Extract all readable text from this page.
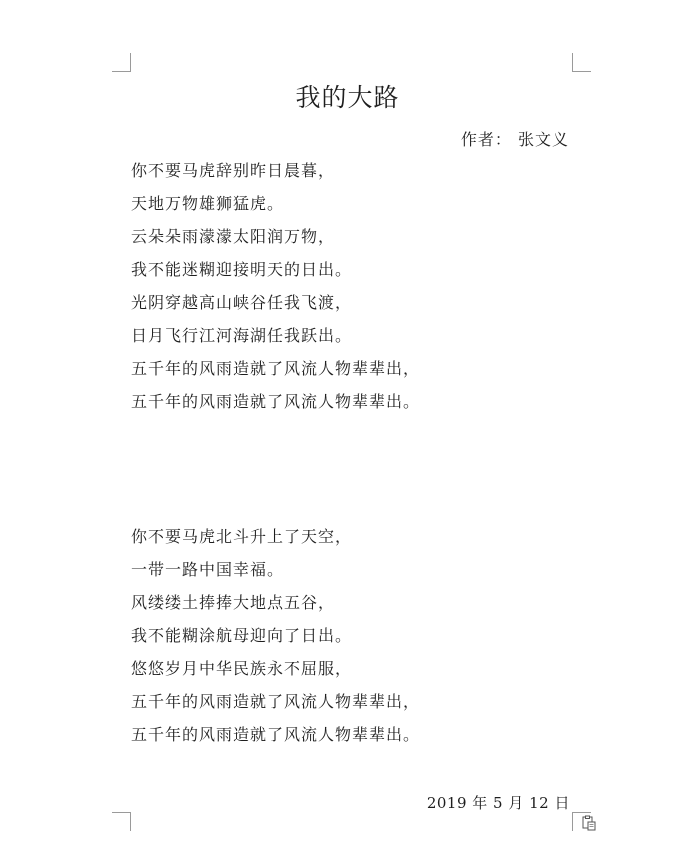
我的大路
作者： 张文义
你不要马虎辞别昨日晨暮，
天地万物雄狮猛虎。
云朵朵雨濛濛太阳润万物，
我不能迷糊迎接明天的日出。
光阴穿越高山峡谷任我飞渡，
日月飞行江河海湖任我跃出。
五千年的风雨造就了风流人物辈辈出，
五千年的风雨造就了风流人物辈辈出。
你不要马虎北斗升上了天空，
一带一路中国幸福。
风缕缕土捧捧大地点五谷，
我不能糊涂航母迎向了日出。
悠悠岁月中华民族永不屈服，
五千年的风雨造就了风流人物辈辈出，
五千年的风雨造就了风流人物辈辈出。
2019 年 5 月 12 日
